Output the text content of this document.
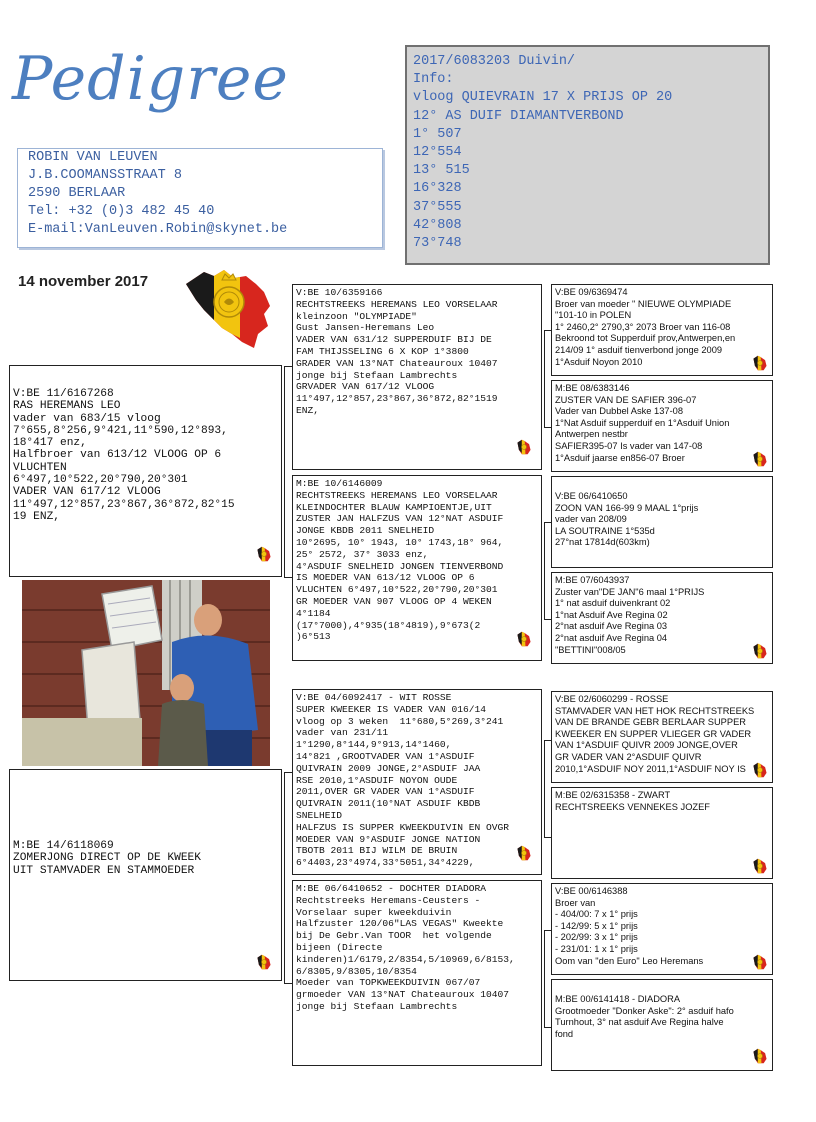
Pedigree
ROBIN VAN LEUVEN
J.B.COOMANSSTRAAT 8
2590 BERLAAR
Tel: +32 (0)3 482 45 40
E-mail:VanLeuven.Robin@skynet.be
2017/6083203 Duivin/
Info:
vloog QUIEVRAIN 17 X PRIJS OP 20
12° AS DUIF DIAMANTVERBOND
1° 507
12°554
13° 515
16°328
37°555
42°808
73°748
14 november 2017
V:BE 11/6167268
RAS HEREMANS LEO
vader van 683/15 vloog
7°655,8°256,9°421,11°590,12°893,
18°417 enz,
Halfbroer van 613/12 VLOOG OP 6
VLUCHTEN
6°497,10°522,20°790,20°301
VADER VAN 617/12 VLOOG
11°497,12°857,23°867,36°872,82°15
19 ENZ,
M:BE 14/6118069
ZOMERJONG DIRECT OP DE KWEEK
UIT STAMVADER EN STAMMOEDER
V:BE 10/6359166
RECHTSTREEKS HEREMANS LEO VORSELAAR
kleinzoon "OLYMPIADE"
Gust Jansen-Heremans Leo
VADER VAN 631/12 SUPPERDUIF BIJ DE
FAM THIJSSELING 6 X KOP 1°3800
GRADER VAN 13°NAT Chateauroux 10407
jonge bij Stefaan Lambrechts
GRVADER VAN 617/12 VLOOG
11°497,12°857,23°867,36°872,82°1519
ENZ,
M:BE 10/6146009
RECHTSTREEKS HEREMANS LEO VORSELAAR
KLEINDOCHTER BLAUW KAMPIOENTJE,UIT
ZUSTER JAN HALFZUS VAN 12°NAT ASDUIF
JONGE KBDB 2011 SNELHEID
10°2695, 10° 1943, 10° 1743,18° 964,
25° 2572, 37° 3033 enz,
4°ASDUIF SNELHEID JONGEN TIENVERBOND
IS MOEDER VAN 613/12 VLOOG OP 6
VLUCHTEN 6°497,10°522,20°790,20°301
GR MOEDER VAN 907 VLOOG OP 4 WEKEN
4°1184
(17°7000),4°935(18°4819),9°673(2
)6°513
V:BE 04/6092417 - WIT ROSSE
SUPER KWEEKER IS VADER VAN 016/14
vloog op 3 weken  11°680,5°269,3°241
vader van 231/11
1°1290,8°144,9°913,14°1460,
14°821 ,GROOTVADER VAN 1°ASDUIF
QUIVRAIN 2009 JONGE,2°ASDUIF JAA
RSE 2010,1°ASDUIF NOYON OUDE
2011,OVER GR VADER VAN 1°ASDUIF
QUIVRAIN 2011(10°NAT ASDUIF KBDB
SNELHEID
HALFZUS IS SUPPER KWEEKDUIVIN EN OVGR
MOEDER VAN 9°ASDUIF JONGE NATION
TBOTB 2011 BIJ WILM DE BRUIN
6°4403,23°4974,33°5051,34°4229,
M:BE 06/6410652 - DOCHTER DIADORA
Rechtstreeks Heremans-Ceusters -
Vorselaar super kweekduivin
Halfzuster 120/06"LAS VEGAS" Kweekte
bij De Gebr.Van TOOR  het volgende
bijeen (Directe
kinderen)1/6179,2/8354,5/10969,6/8153,
6/8305,9/8305,10/8354
Moeder van TOPKWEEKDUIVIN 067/07
grmoeder VAN 13°NAT Chateauroux 10407
jonge bij Stefaan Lambrechts
V:BE 09/6369474
Broer van moeder " NIEUWE OLYMPIADE
"101-10 in POLEN
1° 2460,2° 2790,3° 2073 Broer van 116-08
Bekroond tot Supperduif prov,Antwerpen,en
214/09 1° asduif tienverbond jonge 2009
1°Asduif Noyon 2010
M:BE 08/6383146
ZUSTER VAN DE SAFIER 396-07
Vader van Dubbel Aske 137-08
1°Nat Asduif supperduif en 1°Asduif Union
Antwerpen nestbr
SAFIER395-07 Is vader van 147-08
1°Asduif jaarse en856-07 Broer
V:BE 06/6410650
ZOON VAN 166-99 9 MAAL 1°prijs
vader van 208/09
LA SOUTRAINE 1°535d
27°nat 17814d(603km)
M:BE 07/6043937
Zuster van"DE JAN"6 maal 1°PRIJS
1° nat asduif duivenkrant 02
1°nat Asduif Ave Regina 02
2°nat asduif Ave Regina 03
2°nat asduif Ave Regina 04
"BETTINI"008/05
V:BE 02/6060299 - ROSSE
STAMVADER VAN HET HOK RECHTSTREEKS
VAN DE BRANDE GEBR BERLAAR SUPPER
KWEEKER EN SUPPER VLIEGER GR VADER
VAN 1°ASDUIF QUIVR 2009 JONGE,OVER
GR VADER VAN 2°ASDUIF QUIVR
2010,1°ASDUIF NOY 2011,1°ASDUIF NOY IS
M:BE 02/6315358 - ZWART
RECHTSREEKS VENNEKES JOZEF
V:BE 00/6146388
Broer van
- 404/00: 7 x 1° prijs
- 142/99: 5 x 1° prijs
- 202/99: 3 x 1° prijs
- 231/01: 1 x 1° prijs
Oom van "den Euro" Leo Heremans
M:BE 00/6141418 - DIADORA
Grootmoeder "Donker Aske": 2° asduif hafo
Turnhout, 3° nat asduif Ave Regina halve
fond
